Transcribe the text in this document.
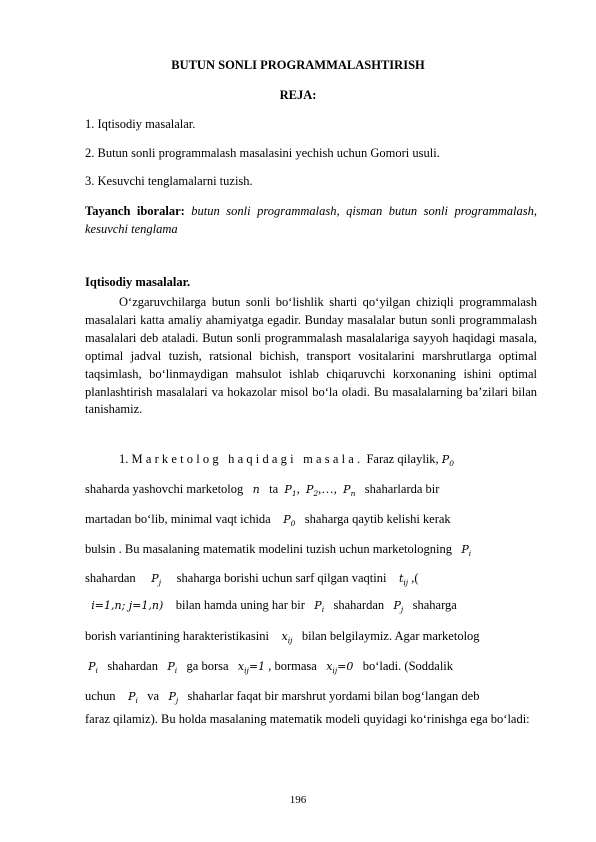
BUTUN SONLI PROGRAMMALASHTIRISH
REJA:
1. Iqtisodiy masalalar.
2. Butun sonli programmalash masalasini yechish uchun Gomori usuli.
3. Kesuvchi tenglamalarni tuzish.
Tayanch iboralar: butun sonli programmalash, qisman butun sonli programmalash, kesuvchi tenglama
Iqtisodiy masalalar.
O‘zgaruvchilarga butun sonli bo‘lishlik sharti qo‘yilgan chiziqli programmalash masalalari katta amaliy ahamiyatga egadir. Bunday masalalar butun sonli programmalash masalalari deb ataladi. Butun sonli programmalash masalalariga sayyoh haqidagi masala, optimal jadval tuzish, ratsional bichish, transport vositalarini marshrutlarga optimal taqsimlash, bo‘linmaydigan mahsulot ishlab chiqaruvchi korxonaning ishini optimal planlashtirish masalalari va hokazolar misol bo‘la oladi. Bu masalalarning ba’zilari bilan tanishamiz.
1. Marketolog haqidagi masala. Faraz qilaylik, $P_0$
shaharda yashovchi marketolog n ta $P_1$, $P_2,\dots$, $P_n$ shaharlarda bir
martadan bo‘lib, minimal vaqt ichida $P_0$ shaharga qaytib kelishi kerak
bulsin . Bu masalaning matematik modelini tuzish uchun marketologning $P_i$
shahardan $P_j$ shaharga borishi uchun sarf qilgan vaqtini $t_{ij}$ ,(
i=1,n; j=1,n) bilan hamda uning har bir $P_i$ shahardan $P_j$ shaharga
borish variantining harakteristikasini $x_{ij}$ bilan belgilaymiz. Agar marketolog
$P_i$ shahardan $P_i$ ga borsa $x_{ij}=1$ , bormasa $x_{ij}=0$ bo‘ladi. (Soddalik
uchun $P_i$ va $P_j$ shaharlar faqat bir marshrut yordami bilan bog‘langan deb
faraz qilamiz). Bu holda masalaning matematik modeli quyidagi ko‘rinishga ega bo‘ladi:
196
